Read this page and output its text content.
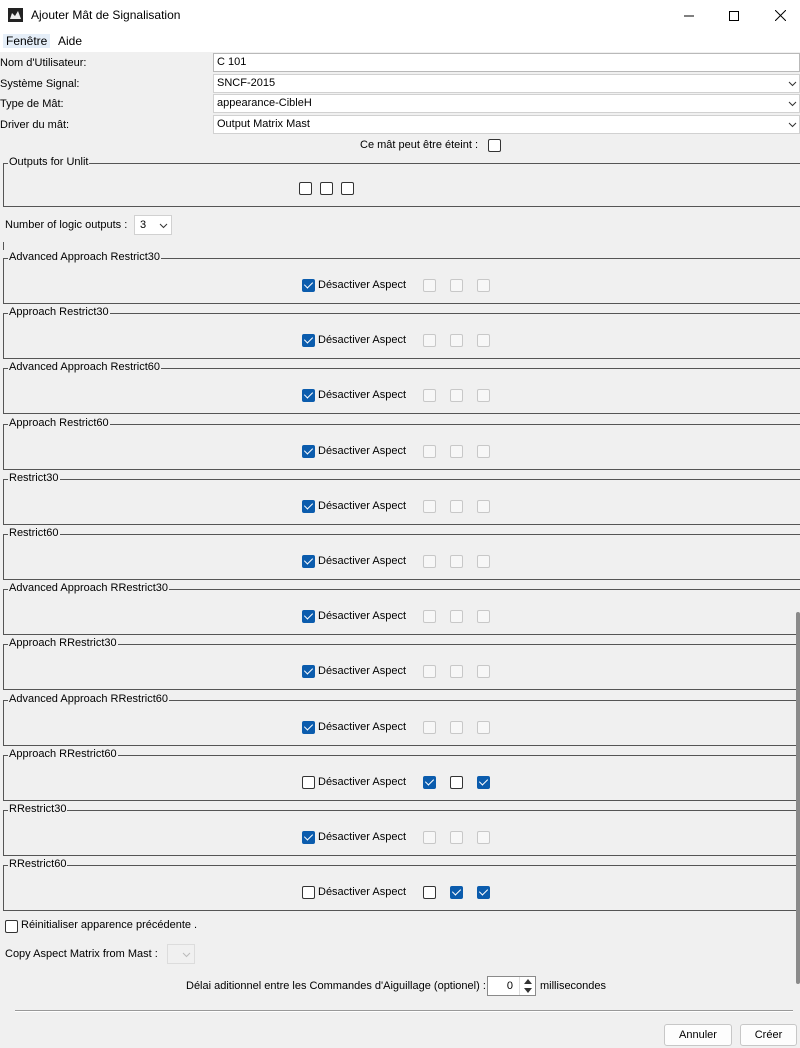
Ajouter Mât de Signalisation
Fenêtre Aide
Nom d'Utilisateur:	C 101
Système Signal:	SNCF-2015
Type de Mât:	appearance-CibleH
Driver du mât:	Output Matrix Mast
Ce mât peut être éteint :
Outputs for Unlit
Number of logic outputs :	3
Advanced Approach Restrict30
Désactiver Aspect
Approach Restrict30
Désactiver Aspect
Advanced Approach Restrict60
Désactiver Aspect
Approach Restrict60
Désactiver Aspect
Restrict30
Désactiver Aspect
Restrict60
Désactiver Aspect
Advanced Approach RRestrict30
Désactiver Aspect
Approach RRestrict30
Désactiver Aspect
Advanced Approach RRestrict60
Désactiver Aspect
Approach RRestrict60
Désactiver Aspect
RRestrict30
Désactiver Aspect
RRestrict60
Désactiver Aspect
Réinitialiser apparence précédente .
Copy Aspect Matrix from Mast :
Délai aditionnel entre les Commandes d'Aiguillage (optionel) : 0 millisecondes
Annuler	Créer
